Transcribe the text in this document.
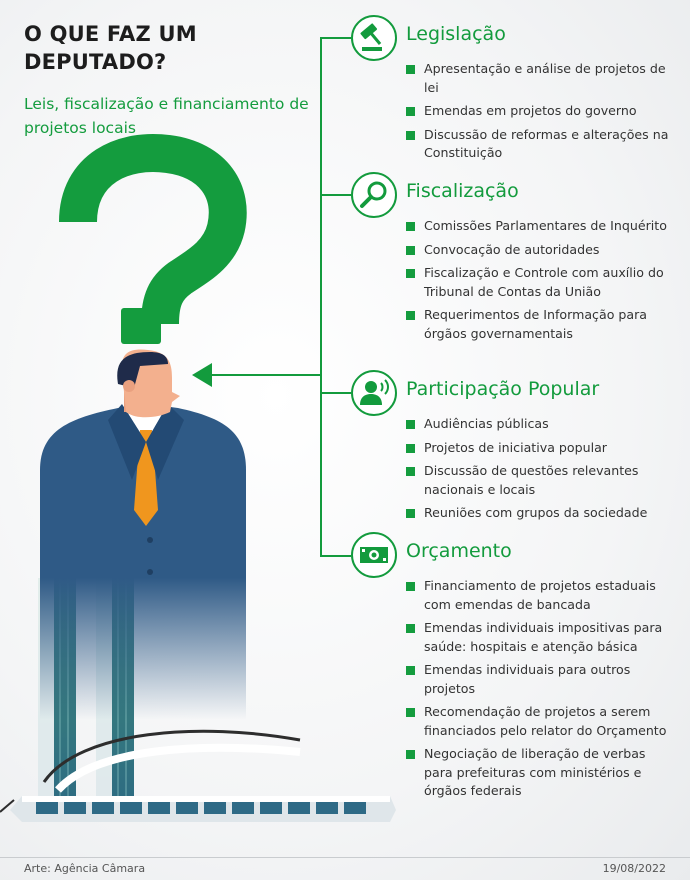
O QUE FAZ UM DEPUTADO?

Leis, fiscalização e financiamento de projetos locais

Legislação
Apresentação e análise de projetos de lei
Emendas em projetos do governo
Discussão de reformas e alterações na Constituição
Fiscalização
Comissões Parlamentares de Inquérito
Convocação de autoridades
Fiscalização e Controle com auxílio do Tribunal de Contas da União
Requerimentos de Informação para órgãos governamentais
Participação Popular
Audiências públicas
Projetos de iniciativa popular
Discussão de questões relevantes nacionais e locais
Reuniões com grupos da sociedade
Orçamento
Financiamento de projetos estaduais com emendas de bancada
Emendas individuais impositivas para saúde: hospitais e atenção básica
Emendas individuais para outros projetos
Recomendação de projetos a serem financiados pelo relator do Orçamento
Negociação de liberação de verbas para prefeituras com ministérios e órgãos federais
Arte: Agência Câmara	19/08/2022
